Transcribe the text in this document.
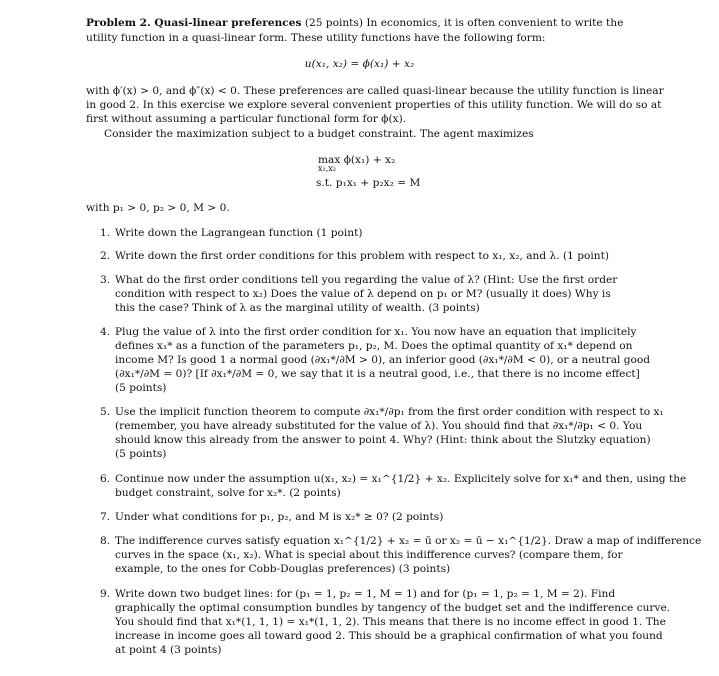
Problem 2. Quasi-linear preferences (25 points) In economics, it is often convenient to write the
utility function in a quasi-linear form. These utility functions have the following form:
u(x₁, x₂) = ϕ(x₁) + x₂
with ϕ′(x) > 0, and ϕ″(x) < 0. These preferences are called quasi-linear because the utility function is linear
in good 2. In this exercise we explore several convenient properties of this utility function. We will do so at
first without assuming a particular functional form for ϕ(x).
Consider the maximization subject to a budget constraint. The agent maximizes
max ϕ(x₁) + x₂
x₁,x₂
s.t. p₁x₁ + p₂x₂ = M
with p₁ > 0, p₂ > 0, M > 0.
1. Write down the Lagrangean function (1 point)
2. Write down the first order conditions for this problem with respect to x₁, x₂, and λ. (1 point)
3. What do the first order conditions tell you regarding the value of λ? (Hint: Use the first order
condition with respect to x₂) Does the value of λ depend on p₁ or M? (usually it does) Why is
this the case? Think of λ as the marginal utility of wealth. (3 points)
4. Plug the value of λ into the first order condition for x₁. You now have an equation that implicitely
defines x₁* as a function of the parameters p₁, p₂, M. Does the optimal quantity of x₁* depend on
income M? Is good 1 a normal good (∂x₁*/∂M > 0), an inferior good (∂x₁*/∂M < 0), or a neutral good
(∂x₁*/∂M = 0)? [If ∂x₁*/∂M = 0, we say that it is a neutral good, i.e., that there is no income effect]
(5 points)
5. Use the implicit function theorem to compute ∂x₁*/∂p₁ from the first order condition with respect to x₁
(remember, you have already substituted for the value of λ). You should find that ∂x₁*/∂p₁ < 0. You
should know this already from the answer to point 4. Why? (Hint: think about the Slutzky equation)
(5 points)
6. Continue now under the assumption u(x₁, x₂) = x₁^{1/2} + x₂. Explicitely solve for x₁* and then, using the
budget constraint, solve for x₂*. (2 points)
7. Under what conditions for p₁, p₂, and M is x₂* ≥ 0? (2 points)
8. The indifference curves satisfy equation x₁^{1/2} + x₂ = ū or x₂ = ū − x₁^{1/2}. Draw a map of indifference
curves in the space (x₁, x₂). What is special about this indifference curves? (compare them, for
example, to the ones for Cobb-Douglas preferences) (3 points)
9. Write down two budget lines: for (p₁ = 1, p₂ = 1, M = 1) and for (p₁ = 1, p₂ = 1, M = 2). Find
graphically the optimal consumption bundles by tangency of the budget set and the indifference curve.
You should find that x₁*(1, 1, 1) = x₁*(1, 1, 2). This means that there is no income effect in good 1. The
increase in income goes all toward good 2. This should be a graphical confirmation of what you found
at point 4 (3 points)
